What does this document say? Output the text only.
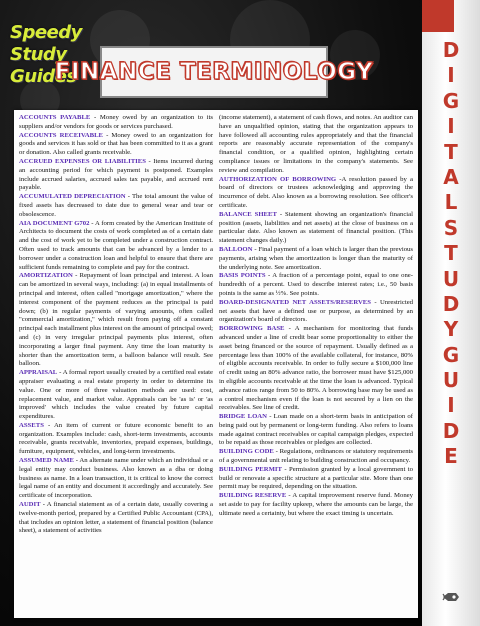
Speedy
Study
Guides
FINANCE TERMINOLOGY
D
I
G
I
T
A
L
S
T
U
D
Y
G
U
I
D
E

ACCOUNTS PAYABLE - Money owed by an organization to its suppliers and/or vendors for goods or services purchased.

ACCOUNTS RECEIVABLE - Money owed to an organization for goods and services it has sold or that has been committed to it as a grant or donation. Also called grants receivable.

ACCRUED EXPENSES OR LIABILITIES - Items incurred during an accounting period for which payment is postponed. Examples include accrued salaries, accrued sales tax payable, and accrued rent payable.

ACCUMULATED DEPRECIATION - The total amount the value of fixed assets has decreased to date due to general wear and tear or obsolescence.

AIA DOCUMENT G702 - A form created by the American Institute of Architects to document the costs of work completed as of a certain date and the cost of work yet to be completed under a construction contract. Often used to track amounts that can be advanced by a lender to a borrower under a construction loan and helpful to ensure that there are sufficient funds remaining to complete and pay for the contract.

AMORTIZATION - Repayment of loan principal and interest. A loan can be amortized in several ways, including: (a) in equal installments of principal and interest, often called "mortgage amortization," where the interest component of the payment reduces as the principal is paid down; (b) in regular payments of varying amounts, often called "commercial amortization," which result from paying off a constant principal each installment plus interest on the amount of principal owed; and (c) in very irregular principal payments plus interest, often incorporating a larger final payment. Any time the loan maturity is shorter than the amortization term, a balloon balance will result. See balloon.

APPRAISAL - A formal report usually created by a certified real estate appraiser evaluating a real estate property in order to determine its value. One or more of three valuation methods are used: cost, replacement value, and market value. Appraisals can be 'as is' or 'as improved' which includes the value created by future capital expenditures.

ASSETS - An item of current or future economic benefit to an organization. Examples include: cash, short-term investments, accounts receivable, grants receivable, inventories, prepaid expenses, buildings, furniture, equipment, vehicles, and long-term investments.

ASSUMED NAME - An alternate name under which an individual or a legal entity may conduct business. Also known as a dba or doing business as name. In a loan transaction, it is critical to know the correct legal name of an entity and document it accordingly and accurately. See certificate of incorporation.

AUDIT - A financial statement as of a certain date, usually covering a twelve-month period, prepared by a Certified Public Accountant (CPA), that includes an opinion letter, a statement of financial position (balance sheet), a statement of activities

(income statement), a statement of cash flows, and notes. An auditor can have an unqualified opinion, stating that the organization appears to have followed all accounting rules appropriately and that the financial reports are reasonably accurate representation of the company's financial condition, or a qualified opinion, highlighting certain compliance issues or limitations in the company's statements. See review and compilation.

AUTHORIZATION OF BORROWING -A resolution passed by a board of directors or trustees acknowledging and approving the incurrence of debt. Also known as a borrowing resolution. See officer's certificate.

BALANCE SHEET - Statement showing an organization's financial position (assets, liabilities and net assets) at the close of business on a particular date. Also known as statement of financial position. (This statement changes daily.)

BALLOON - Final payment of a loan which is larger than the previous payments, arising when the amortization is longer than the maturity of the underlying note. See amortization.

BASIS POINTS - A fraction of a percentage point, equal to one one-hundredth of a percent. Used to describe interest rates; i.e., 50 basis points is the same as ½%. See points.

BOARD-DESIGNATED NET ASSETS/RESERVES - Unrestricted net assets that have a defined use or purpose, as determined by an organization's board of directors.

BORROWING BASE - A mechanism for monitoring that funds advanced under a line of credit bear some proportionality to either the asset being financed or the source of repayment. Usually defined as a percentage less than 100% of the available collateral, for instance, 80% of eligible accounts receivable. In order to fully secure a $100,000 line of credit using an 80% advance ratio, the borrower must have $125,000 in eligible accounts receivable at the time the loan is advanced. Typical advance ratios range from 50 to 80%. A borrowing base may be used as a control mechanism even if the loan is not secured by a lien on the receivables. See line of credit.

BRIDGE LOAN - Loan made on a short-term basis in anticipation of being paid out by permanent or long-term funding. Also refers to loans made against contract receivables or capital campaign pledges, expected to be repaid as those receivables or pledges are collected.

BUILDING CODE - Regulations, ordinances or statutory requirements of a governmental unit relating to building construction and occupancy.

BUILDING PERMIT - Permission granted by a local government to build or renovate a specific structure at a particular site. More than one permit may be required, depending on the situation.

BUILDING RESERVE - A capital improvement reserve fund. Money set aside to pay for facility upkeep, where the amounts can be large, the ultimate need a certainty, but where the exact timing is uncertain.
